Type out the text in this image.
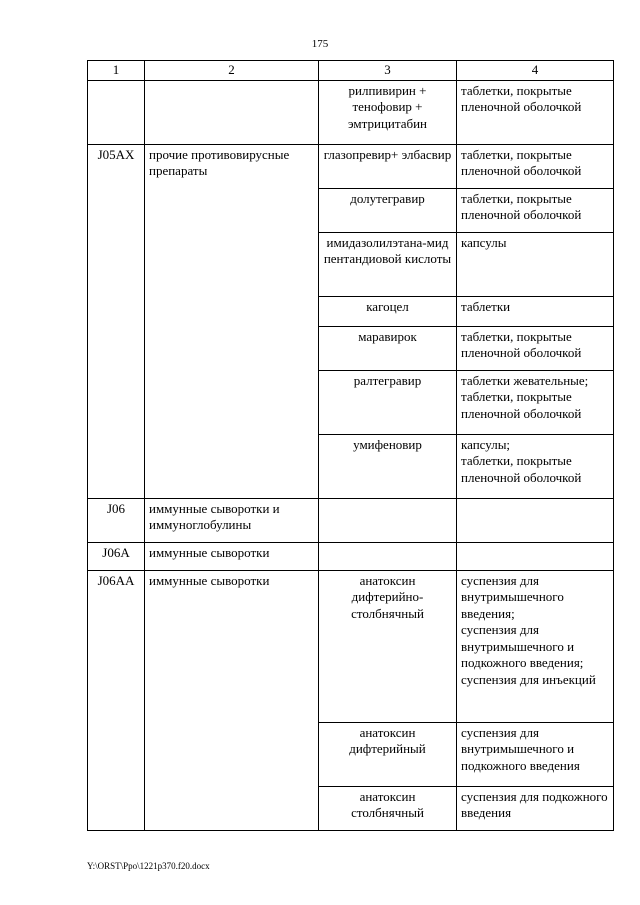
175
1	2	3	4
		рилпивирин + тенофовир + эмтрицитабин	таблетки, покрытые пленочной оболочкой
J05AX	прочие противовирусные препараты	глазопревир+ элбасвир	таблетки, покрытые пленочной оболочкой
		долутегравир	таблетки, покрытые пленочной оболочкой
		имидазолилэтана-мид пентандиовой кислоты	капсулы
		кагоцел	таблетки
		маравирок	таблетки, покрытые пленочной оболочкой
		ралтегравир	таблетки жевательные;
таблетки, покрытые пленочной оболочкой
		умифеновир	капсулы;
таблетки, покрытые пленочной оболочкой
J06	иммунные сыворотки и иммуноглобулины		
J06A	иммунные сыворотки		
J06AA	иммунные сыворотки	анатоксин дифтерийно-столбнячный	суспензия для внутримышечного введения;
суспензия для внутримышечного и подкожного введения;
суспензия для инъекций
		анатоксин дифтерийный	суспензия для внутримышечного и подкожного введения
		анатоксин столбнячный	суспензия для подкожного введения
Y:\ORST\Ppo\1221p370.f20.docx
